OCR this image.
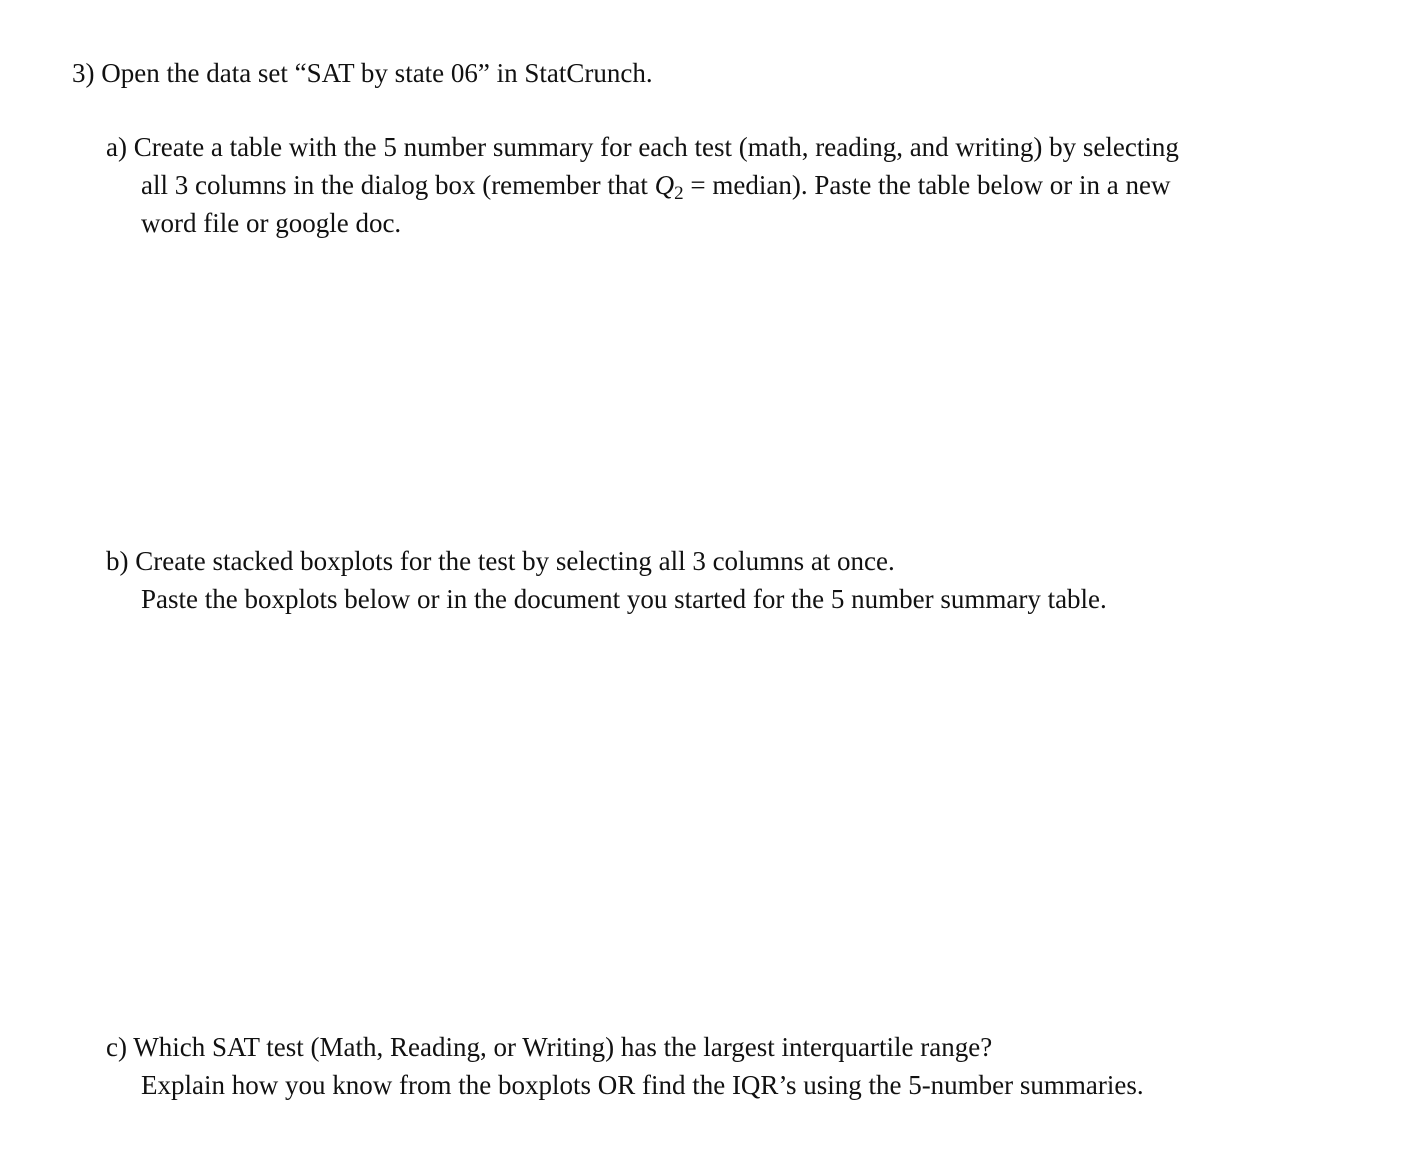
3) Open the data set “SAT by state 06” in StatCrunch.
a) Create a table with the 5 number summary for each test (math, reading, and writing) by selecting
all 3 columns in the dialog box (remember that Q2 = median). Paste the table below or in a new
word file or google doc.
b) Create stacked boxplots for the test by selecting all 3 columns at once.
Paste the boxplots below or in the document you started for the 5 number summary table.
c) Which SAT test (Math, Reading, or Writing) has the largest interquartile range?
Explain how you know from the boxplots OR find the IQR’s using the 5-number summaries.
